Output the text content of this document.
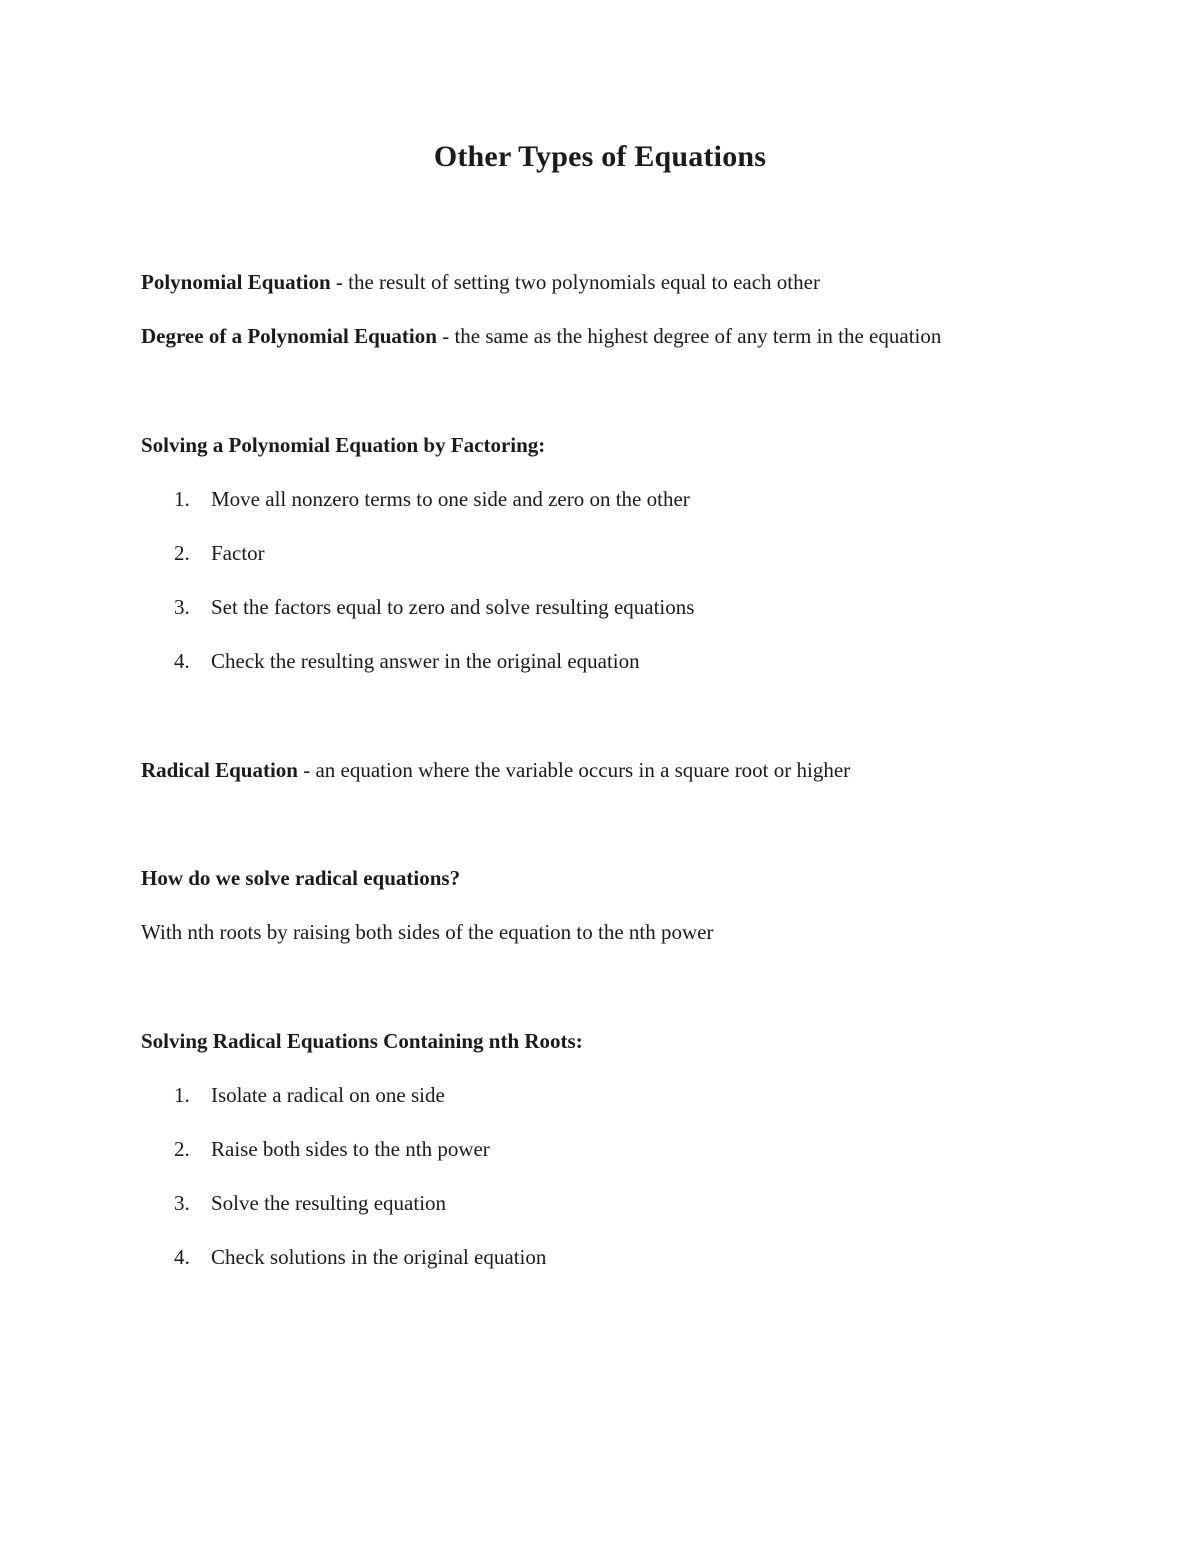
Other Types of Equations
Polynomial Equation - the result of setting two polynomials equal to each other
Degree of a Polynomial Equation - the same as the highest degree of any term in the equation
Solving a Polynomial Equation by Factoring:
1. Move all nonzero terms to one side and zero on the other
2. Factor
3. Set the factors equal to zero and solve resulting equations
4. Check the resulting answer in the original equation
Radical Equation - an equation where the variable occurs in a square root or higher
How do we solve radical equations?
With nth roots by raising both sides of the equation to the nth power
Solving Radical Equations Containing nth Roots:
1. Isolate a radical on one side
2. Raise both sides to the nth power
3. Solve the resulting equation
4. Check solutions in the original equation
